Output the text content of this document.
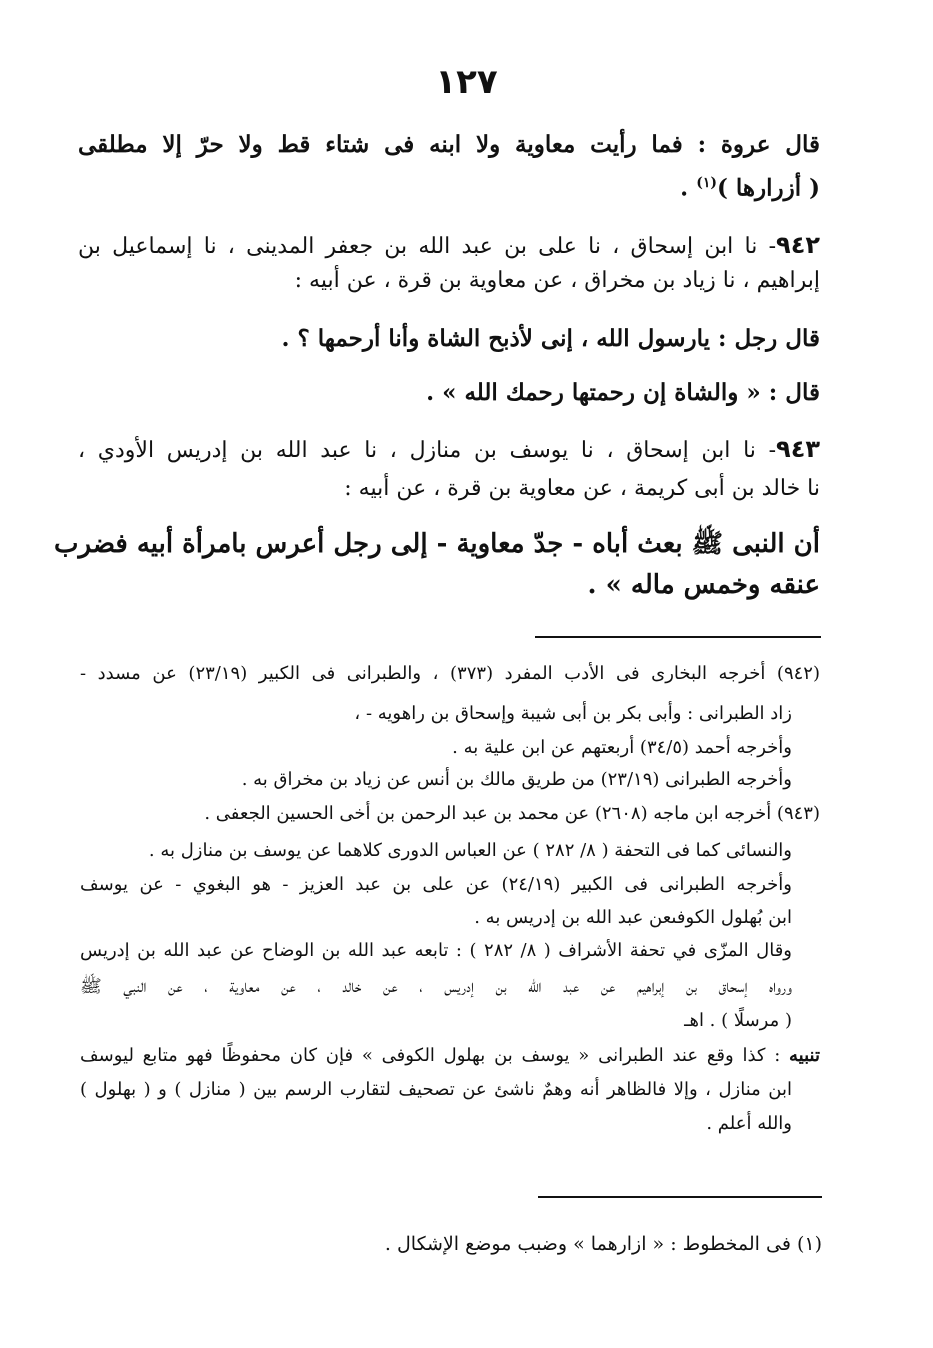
١٢٧
قال عروة : فما رأيت معاوية ولا ابنه فى شتاء قط ولا حرّ إلا مطلقى
( أزرارها )$^{(١)}$ .
٩٤٢- نا ابن إسحاق ، نا على بن عبد الله بن جعفر المدينى ، نا إسماعيل بن
إبراهيم ، نا زياد بن مخراق ، عن معاوية بن قرة ، عن أبيه :
قال رجل : يارسول الله ، إنى لأذبح الشاة وأنا أرحمها ؟ .
قال : « والشاة إن رحمتها رحمك الله » .
٩٤٣- نا ابن إسحاق ، نا يوسف بن منازل ، نا عبد الله بن إدريس الأودي ،
نا خالد بن أبى كريمة ، عن معاوية بن قرة ، عن أبيه :
أن النبى ﷺ بعث أباه - جدّ معاوية - إلى رجل أعرس بامرأة أبيه فضرب
عنقه وخمس ماله » .
(٩٤٢) أخرجه البخارى فى الأدب المفرد (٣٧٣) ، والطبرانى فى الكبير (٢٣/١٩) عن مسدد -
زاد الطبرانى : وأبى بكر بن أبى شيبة وإسحاق بن راهويه - ،
وأخرجه أحمد (٣٤/٥) أربعتهم عن ابن علية به .
وأخرجه الطبرانى (٢٣/١٩) من طريق مالك بن أنس عن زياد بن مخراق به .
(٩٤٣) أخرجه ابن ماجه (٢٦٠٨) عن محمد بن عبد الرحمن بن أخى الحسين الجعفى .
والنسائى كما فى التحفة ( ٨/ ٢٨٢ ) عن العباس الدورى كلاهما عن يوسف بن منازل به .
وأخرجه الطبرانى فى الكبير (٢٤/١٩) عن على بن عبد العزيز - هو البغوي - عن يوسف
ابن بُهلول الكوفىعن عبد الله بن إدريس به .
وقال المزّى في تحفة الأشراف ( ٨/ ٢٨٢ ) : تابعه عبد الله بن الوضاح عن عبد الله بن إدريس
ورواه إسحاق بن إبراهيم عن عبد الله بن إدريس ، عن خالد ، عن معاوية ، عن النبي ﷺ
( مرسلًا ) . اهـ
تنبيه : كذا وقع عند الطبرانى « يوسف بن بهلول الكوفى » فإن كان محفوظًا فهو متابع ليوسف
ابن منازل ، وإلا فالظاهر أنه وهمٌ ناشئ عن تصحيف لتقارب الرسم بين ( منازل ) و ( بهلول )
والله أعلم .
(١) فى المخطوط : « ازارهما » وضبب موضع الإشكال .
